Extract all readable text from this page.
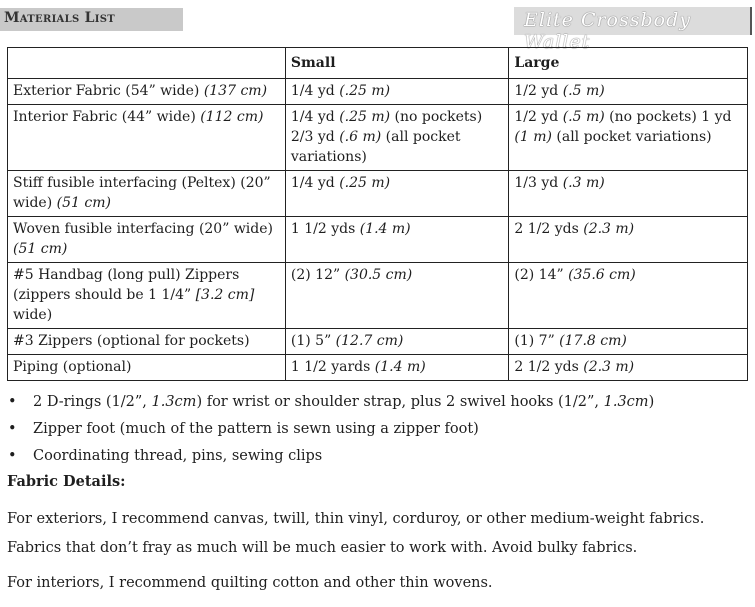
Materials List	Elite Crossbody Wallet
	Small	Large
Exterior Fabric (54” wide) (137 cm)	1/4 yd (.25 m)	1/2 yd (.5 m)
Interior Fabric (44” wide) (112 cm)	1/4 yd (.25 m) (no pockets) 2/3 yd (.6 m) (all pocket variations)	1/2 yd (.5 m) (no pockets) 1 yd (1 m) (all pocket variations)
Stiff fusible interfacing (Peltex) (20” wide) (51 cm)	1/4 yd (.25 m)	1/3 yd (.3 m)
Woven fusible interfacing (20” wide) (51 cm)	1 1/2 yds (1.4 m)	2 1/2 yds (2.3 m)
#5 Handbag (long pull) Zippers (zippers should be 1 1/4” [3.2 cm] wide)	(2) 12” (30.5 cm)	(2) 14” (35.6 cm)
#3 Zippers (optional for pockets)	(1) 5” (12.7 cm)	(1) 7” (17.8 cm)
Piping (optional)	1 1/2 yards (1.4 m)	2 1/2 yds (2.3 m)
• 2 D-rings (1/2”, 1.3cm) for wrist or shoulder strap, plus 2 swivel hooks (1/2”, 1.3cm)
• Zipper foot (much of the pattern is sewn using a zipper foot)
• Coordinating thread, pins, sewing clips
Fabric Details:
For exteriors, I recommend canvas, twill, thin vinyl, corduroy, or other medium-weight fabrics. Fabrics that don’t fray as much will be much easier to work with. Avoid bulky fabrics.
For interiors, I recommend quilting cotton and other thin wovens.
